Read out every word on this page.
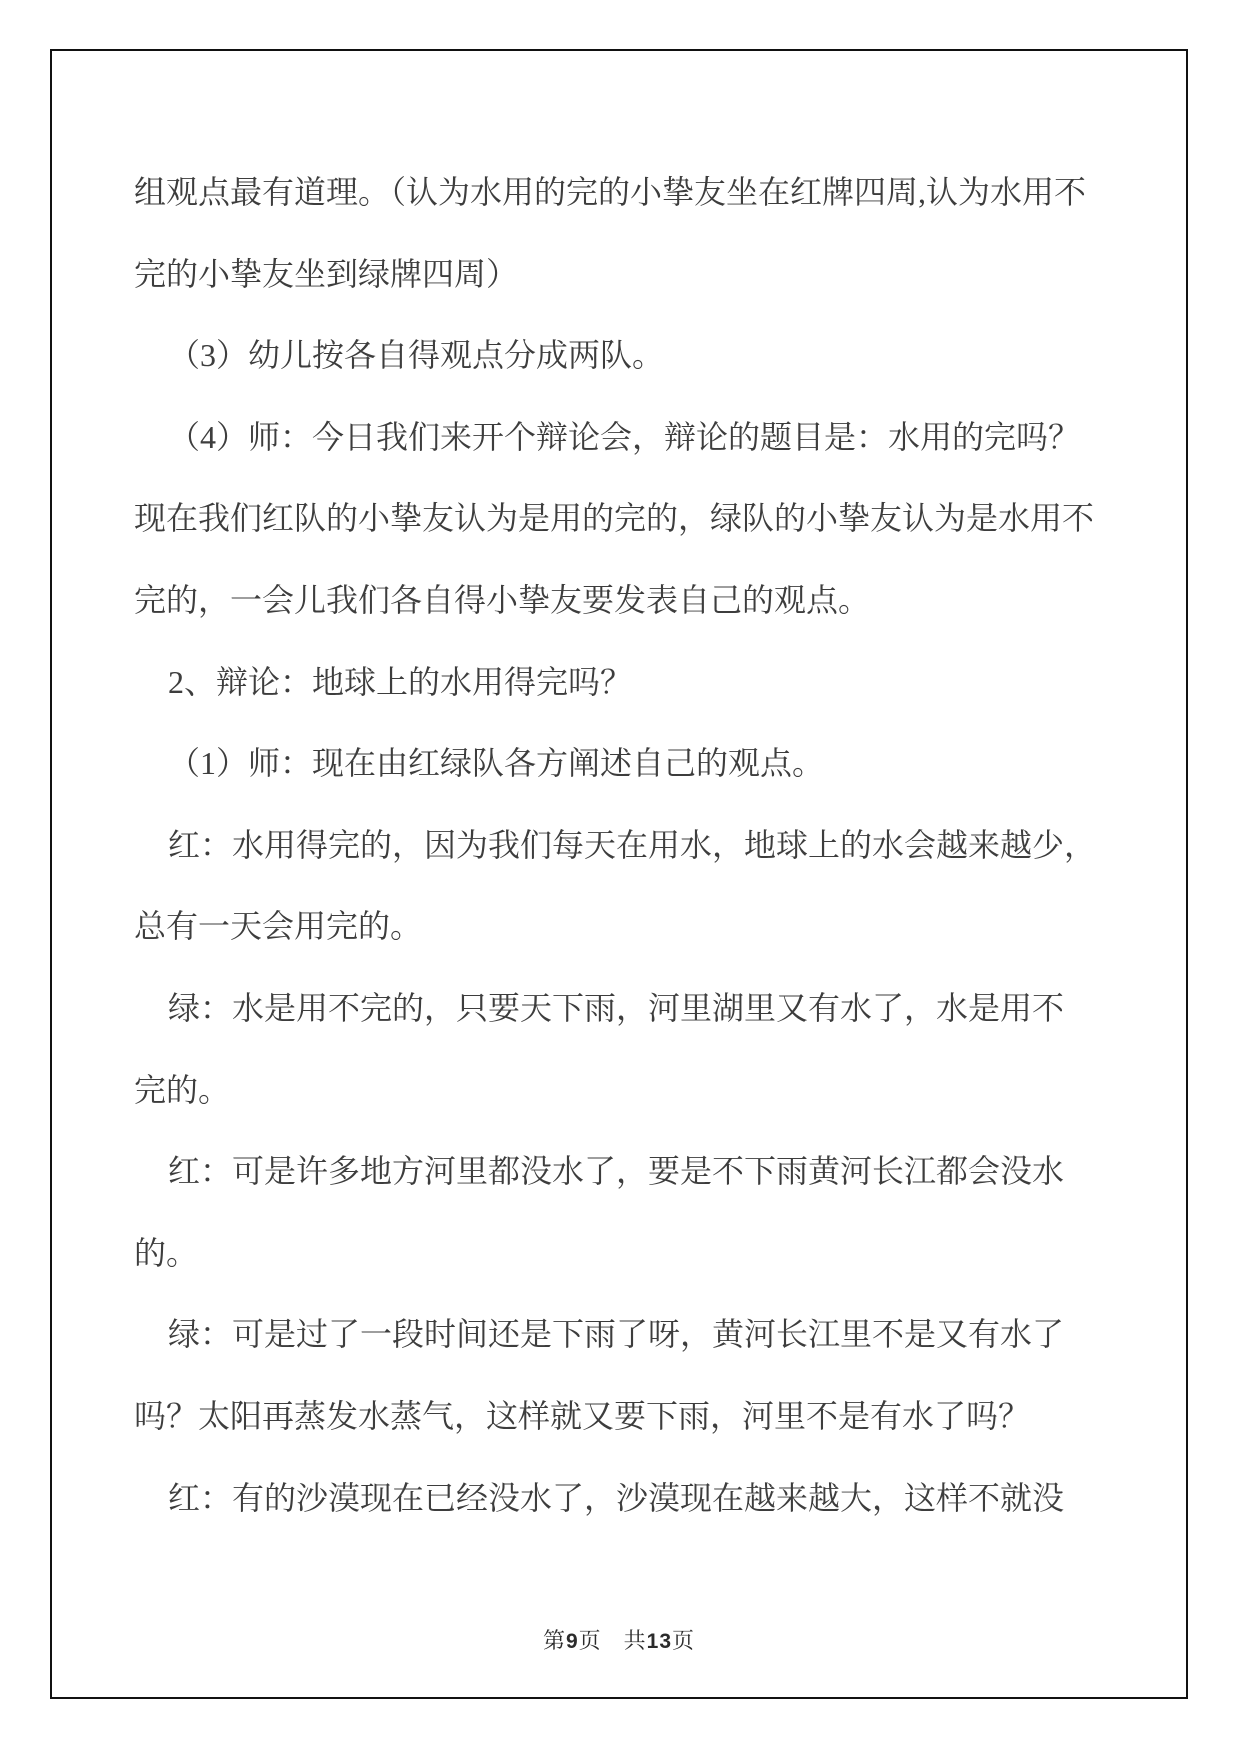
组观点最有道理。（认为水用的完的小挚友坐在红牌四周,认为水用不
完的小挚友坐到绿牌四周）
（3）幼儿按各自得观点分成两队。
（4）师：今日我们来开个辩论会，辩论的题目是：水用的完吗？
现在我们红队的小挚友认为是用的完的，绿队的小挚友认为是水用不
完的，一会儿我们各自得小挚友要发表自己的观点。
2、辩论：地球上的水用得完吗？
（1）师：现在由红绿队各方阐述自己的观点。
红：水用得完的，因为我们每天在用水，地球上的水会越来越少，
总有一天会用完的。
绿：水是用不完的，只要天下雨，河里湖里又有水了，水是用不
完的。
红：可是许多地方河里都没水了，要是不下雨黄河长江都会没水
的。
绿：可是过了一段时间还是下雨了呀，黄河长江里不是又有水了
吗？太阳再蒸发水蒸气，这样就又要下雨，河里不是有水了吗？
红：有的沙漠现在已经没水了，沙漠现在越来越大，这样不就没
第9页 共13页
